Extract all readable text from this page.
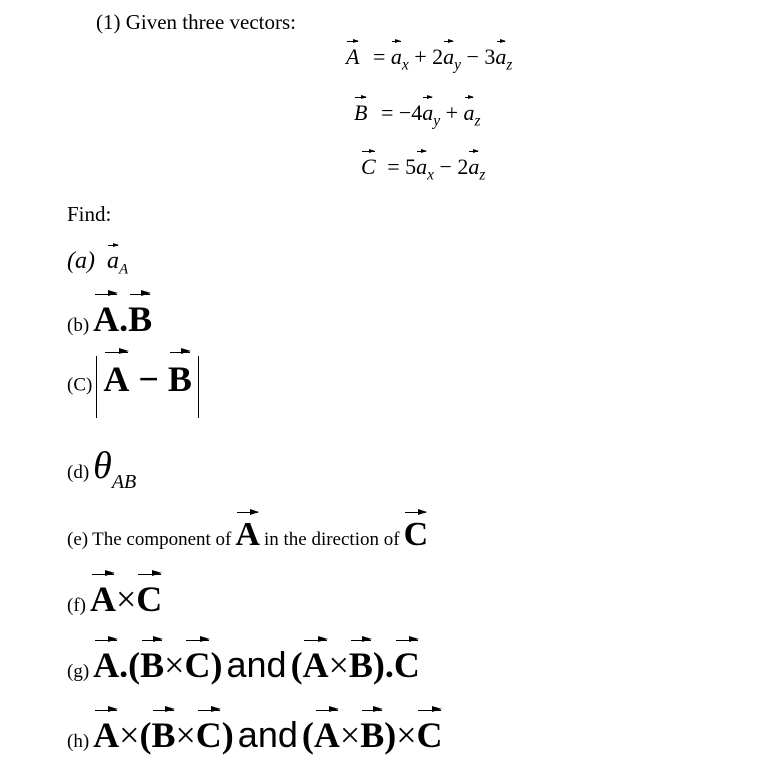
(1) Given three vectors:
$A = a_x + 2a_y - 3a_z$
$B = -4a_y + a_z$
$C = 5a_x - 2a_z$
Find:
(a) $a_A$
(b) A.B
(C) A − B
(d) θAB
(e) The component of A in the direction of C
(f) A×C
(g) A.(B×C) and (A×B).C
(h) A×(B×C) and (A×B)×C
